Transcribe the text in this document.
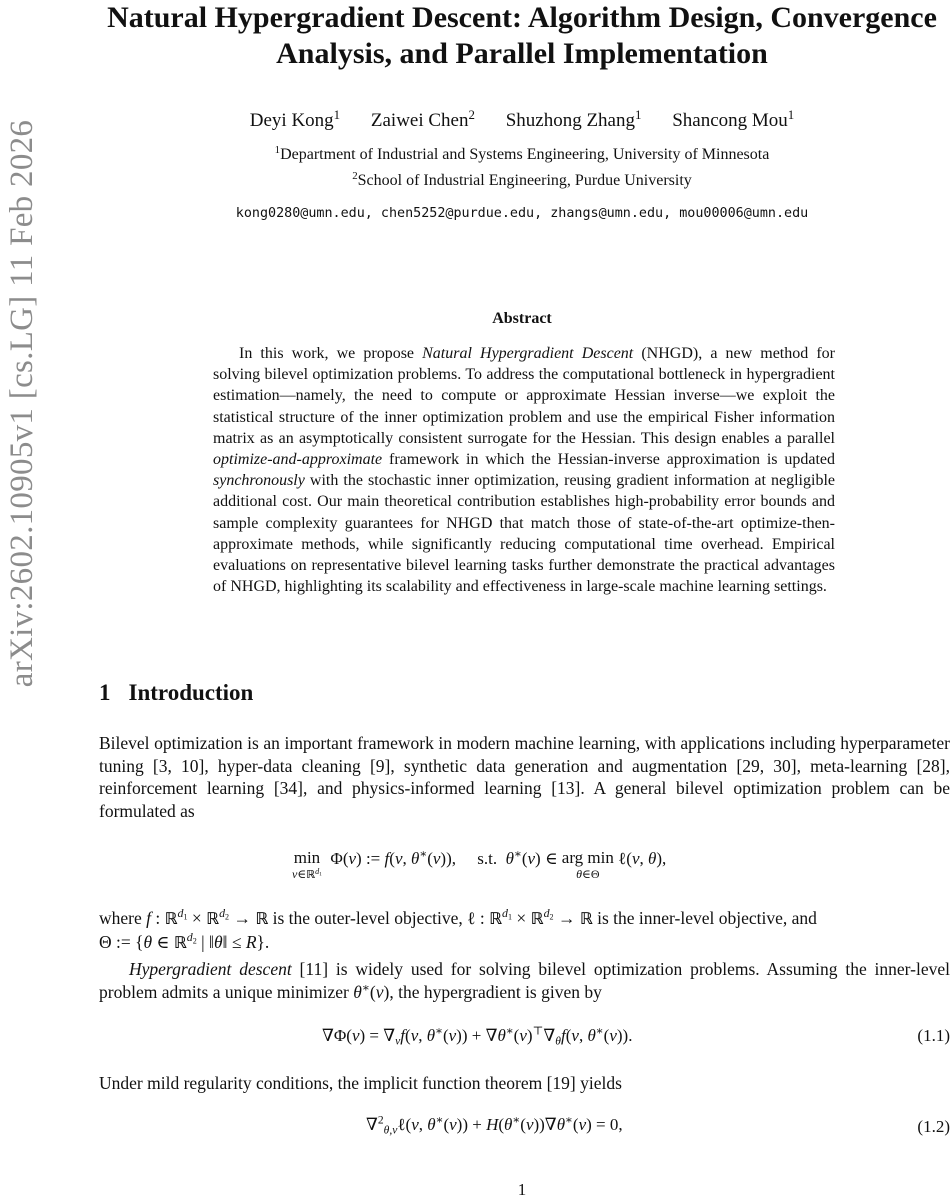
arXiv:2602.10905v1 [cs.LG] 11 Feb 2026
Natural Hypergradient Descent: Algorithm Design, Convergence
Analysis, and Parallel Implementation
Deyi Kong$^1$ Zaiwei Chen$^2$ Shuzhong Zhang$^1$ Shancong Mou$^1$
$^1$Department of Industrial and Systems Engineering, University of Minnesota
$^2$School of Industrial Engineering, Purdue University
kong0280@umn.edu, chen5252@purdue.edu, zhangs@umn.edu, mou00006@umn.edu
Abstract

In this work, we propose Natural Hypergradient Descent (NHGD), a new method for solving bilevel optimization problems. To address the computational bottleneck in hypergradient estimation—namely, the need to compute or approximate Hessian inverse—we exploit the statistical structure of the inner optimization problem and use the empirical Fisher information matrix as an asymptotically consistent surrogate for the Hessian. This design enables a parallel optimize-and-approximate framework in which the Hessian-inverse approximation is updated synchronously with the stochastic inner optimization, reusing gradient information at negligible additional cost. Our main theoretical contribution establishes high-probability error bounds and sample complexity guarantees for NHGD that match those of state-of-the-art optimize-then-approximate methods, while significantly reducing computational time overhead. Empirical evaluations on representative bilevel learning tasks further demonstrate the practical advantages of NHGD, highlighting its scalability and effectiveness in large-scale machine learning settings.

1 Introduction

Bilevel optimization is an important framework in modern machine learning, with applications including hyperparameter tuning [3, 10], hyper-data cleaning [9], synthetic data generation and augmentation [29, 30], meta-learning [28], reinforcement learning [34], and physics-informed learning [13]. A general bilevel optimization problem can be formulated as

min
v∈ℝ$^{d_1}$
Φ(v) := f(v, θ∗(v)),     s.t.  θ∗(v) ∈ arg min
θ∈Θ
ℓ(v, θ),

where f : ℝ$^{d_1}$ × ℝ$^{d_2}$ → ℝ is the outer-level objective, ℓ : ℝ$^{d_1}$ × ℝ$^{d_2}$ → ℝ is the inner-level objective, and
Θ := {θ ∈ ℝ$^{d_2}$ | ‖θ‖ ≤ R}.

Hypergradient descent [11] is widely used for solving bilevel optimization problems. Assuming the inner-level problem admits a unique minimizer θ∗(v), the hypergradient is given by

$\nabla\Phi(v) = \nabla_vf(v$, $\theta^∗(v)) + \nabla\theta^∗(v)^⊤\nabla_\theta f(v$, θ∗(v)).	(1.1)

Under mild regularity conditions, the implicit function theorem [19] yields

∇$^2_{\theta,v}$ℓ(v, θ∗(v)) + H(θ∗(v))∇θ∗(v) = 0,	(1.2)
1
